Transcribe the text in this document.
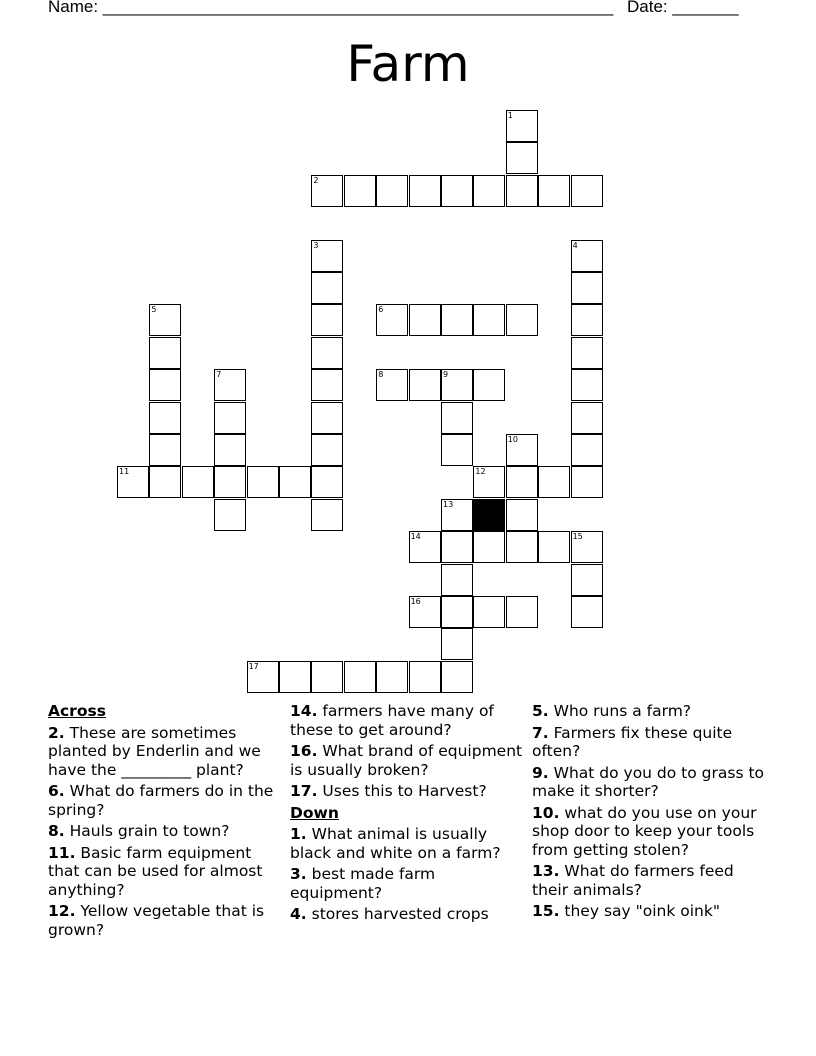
Name: ______________________________________________________ Date: _______
Farm
1
2
3	4
5	6
7	8	9
10
11	12
13
14	15
16
17
Across
2. These are sometimes planted by Enderlin and we have the _________ plant?
6. What do farmers do in the spring?
8. Hauls grain to town?
11. Basic farm equipment that can be used for almost anything?
12. Yellow vegetable that is grown?
14. farmers have many of these to get around?
16. What brand of equipment is usually broken?
17. Uses this to Harvest?
Down
1. What animal is usually black and white on a farm?
3. best made farm equipment?
4. stores harvested crops
5. Who runs a farm?
7. Farmers fix these quite often?
9. What do you do to grass to make it shorter?
10. what do you use on your shop door to keep your tools from getting stolen?
13. What do farmers feed their animals?
15. they say "oink oink"
